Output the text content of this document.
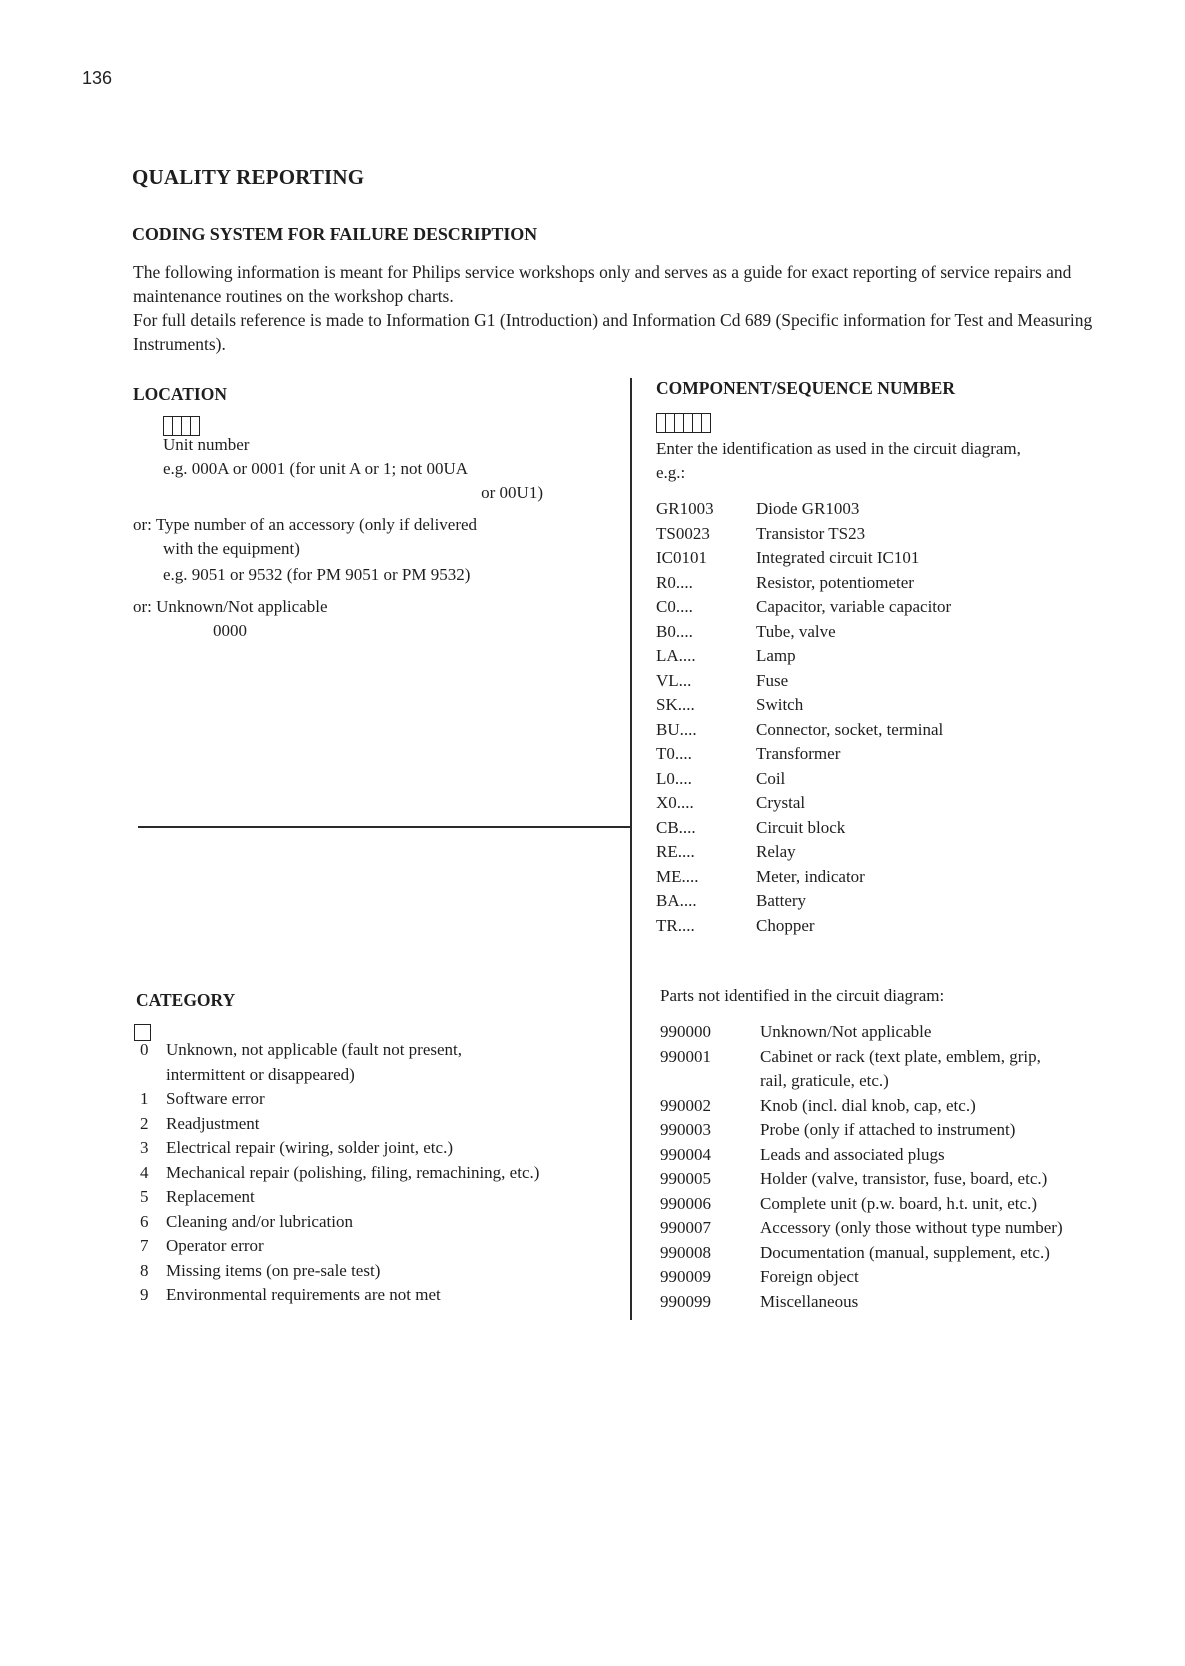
136
QUALITY REPORTING
CODING SYSTEM FOR FAILURE DESCRIPTION

The following information is meant for Philips service workshops only and serves as a guide for exact reporting of service repairs and maintenance routines on the workshop charts.

For full details reference is made to Information G1 (Introduction) and Information Cd 689 (Specific information for Test and Measuring Instruments).

LOCATION
Unit number
e.g. 000A or 0001 (for unit A or 1; not 00UA
or 00U1)
or: Type number of an accessory (only if delivered
with the equipment)
e.g. 9051 or 9532 (for PM 9051 or PM 9532)
or: Unknown/Not applicable
0000
COMPONENT/SEQUENCE NUMBER
Enter the identification as used in the circuit diagram,
e.g.:
GR1003	Diode GR1003
TS0023	Transistor TS23
IC0101	Integrated circuit IC101
R0....	Resistor, potentiometer
C0....	Capacitor, variable capacitor
B0....	Tube, valve
LA....	Lamp
VL...	Fuse
SK....	Switch
BU....	Connector, socket, terminal
T0....	Transformer
L0....	Coil
X0....	Crystal
CB....	Circuit block
RE....	Relay
ME....	Meter, indicator
BA....	Battery
TR....	Chopper
Parts not identified in the circuit diagram:
990000	Unknown/Not applicable
990001	Cabinet or rack (text plate, emblem, grip,
rail, graticule, etc.)

990002	Knob (incl. dial knob, cap, etc.)
990003	Probe (only if attached to instrument)
990004	Leads and associated plugs
990005	Holder (valve, transistor, fuse, board, etc.)
990006	Complete unit (p.w. board, h.t. unit, etc.)
990007	Accessory (only those without type number)
990008	Documentation (manual, supplement, etc.)
990009	Foreign object
990099	Miscellaneous
CATEGORY
0	Unknown, not applicable (fault not present,
intermittent or disappeared)

1	Software error
2	Readjustment
3	Electrical repair (wiring, solder joint, etc.)
4	Mechanical repair (polishing, filing, remachining, etc.)
5	Replacement
6	Cleaning and/or lubrication
7	Operator error
8	Missing items (on pre-sale test)
9	Environmental requirements are not met
